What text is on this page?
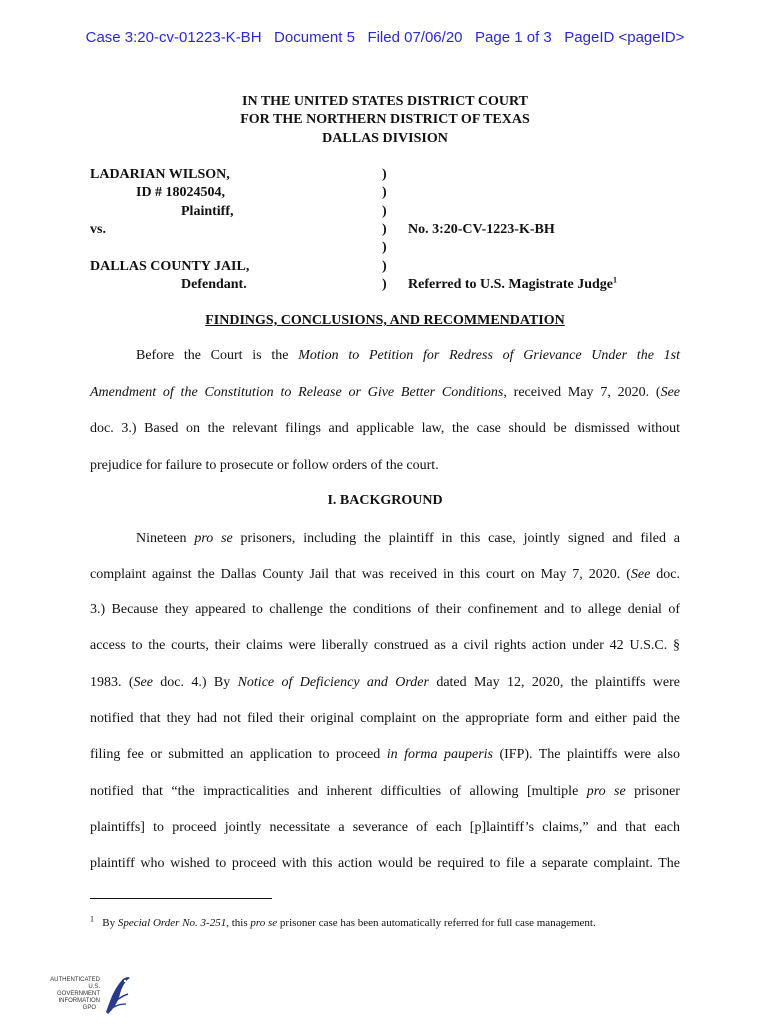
Case 3:20-cv-01223-K-BH Document 5 Filed 07/06/20 Page 1 of 3 PageID <pageID>
IN THE UNITED STATES DISTRICT COURT
FOR THE NORTHERN DISTRICT OF TEXAS
DALLAS DIVISION
LADARIAN WILSON,
ID # 18024504,
Plaintiff,
vs.
DALLAS COUNTY JAIL,
Defendant.
)
)
)
)
)
)
)
No. 3:20-CV-1223-K-BH
Referred to U.S. Magistrate Judge$^1$
FINDINGS, CONCLUSIONS, AND RECOMMENDATION
Before the Court is the Motion to Petition for Redress of Grievance Under the 1st
Amendment of the Constitution to Release or Give Better Conditions, received May 7, 2020. (See
doc. 3.) Based on the relevant filings and applicable law, the case should be dismissed without
prejudice for failure to prosecute or follow orders of the court.
I. BACKGROUND
Nineteen pro se prisoners, including the plaintiff in this case, jointly signed and filed a
complaint against the Dallas County Jail that was received in this court on May 7, 2020. (See doc.
3.) Because they appeared to challenge the conditions of their confinement and to allege denial of
access to the courts, their claims were liberally construed as a civil rights action under 42 U.S.C. §
1983. (See doc. 4.) By Notice of Deficiency and Order dated May 12, 2020, the plaintiffs were
notified that they had not filed their original complaint on the appropriate form and either paid the
filing fee or submitted an application to proceed in forma pauperis (IFP). The plaintiffs were also
notified that “the impracticalities and inherent difficulties of allowing [multiple pro se prisoner
plaintiffs] to proceed jointly necessitate a severance of each [p]laintiff’s claims,” and that each
plaintiff who wished to proceed with this action would be required to file a separate complaint. The
$^1$ By Special Order No. 3-251, this pro se prisoner case has been automatically referred for full case management.
AUTHENTICATED
U.S. GOVERNMENT
INFORMATION
GPO
